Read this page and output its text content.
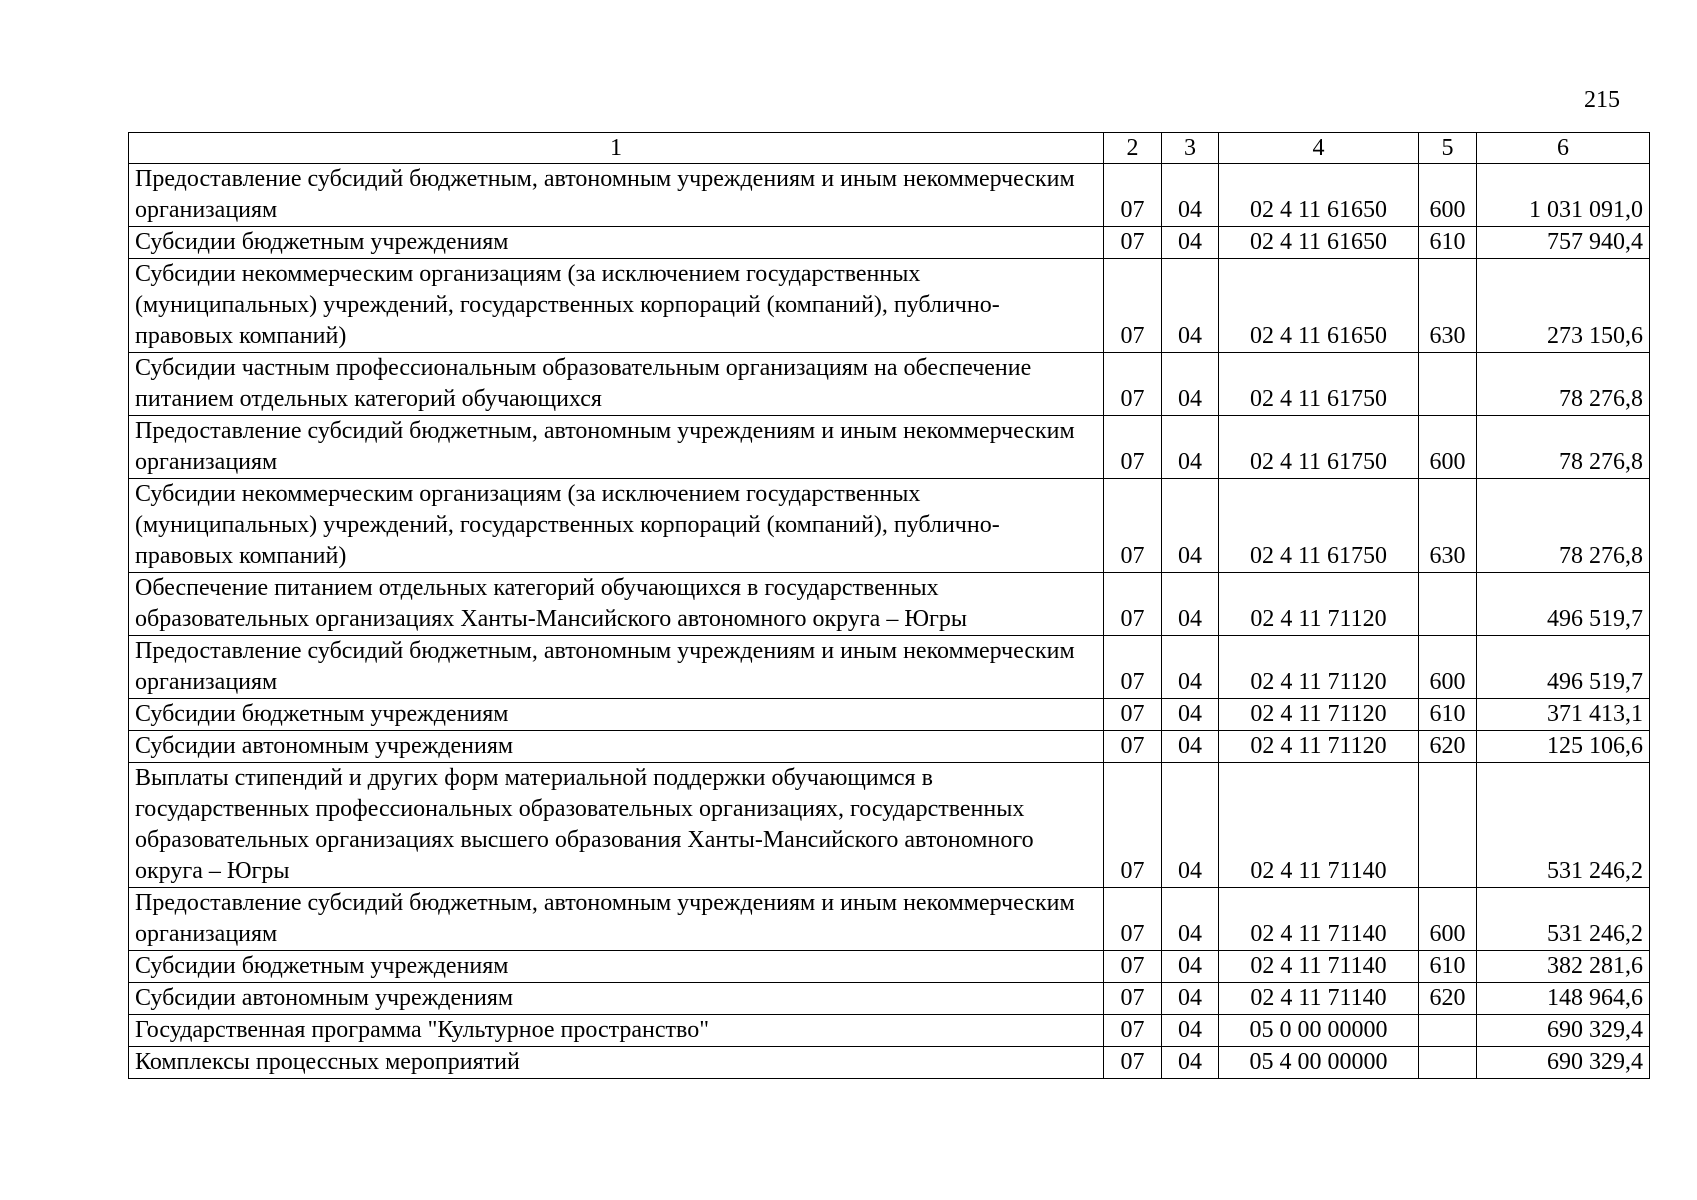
215
1	2	3	4	5	6
Предоставление субсидий бюджетным, автономным учреждениям и иным некоммерческим организациям	07	04	02 4 11 61650	600	1 031 091,0
Субсидии бюджетным учреждениям	07	04	02 4 11 61650	610	757 940,4
Субсидии некоммерческим организациям (за исключением государственных (муниципальных) учреждений, государственных корпораций (компаний), публично-правовых компаний)	07	04	02 4 11 61650	630	273 150,6
Субсидии частным профессиональным образовательным организациям на обеспечение питанием отдельных категорий обучающихся	07	04	02 4 11 61750		78 276,8
Предоставление субсидий бюджетным, автономным учреждениям и иным некоммерческим организациям	07	04	02 4 11 61750	600	78 276,8
Субсидии некоммерческим организациям (за исключением государственных (муниципальных) учреждений, государственных корпораций (компаний), публично-правовых компаний)	07	04	02 4 11 61750	630	78 276,8
Обеспечение питанием отдельных категорий обучающихся в государственных образовательных организациях Ханты-Мансийского автономного округа – Югры	07	04	02 4 11 71120		496 519,7
Предоставление субсидий бюджетным, автономным учреждениям и иным некоммерческим организациям	07	04	02 4 11 71120	600	496 519,7
Субсидии бюджетным учреждениям	07	04	02 4 11 71120	610	371 413,1
Субсидии автономным учреждениям	07	04	02 4 11 71120	620	125 106,6
Выплаты стипендий и других форм материальной поддержки обучающимся в государственных профессиональных образовательных организациях, государственных образовательных организациях высшего образования Ханты-Мансийского автономного округа – Югры	07	04	02 4 11 71140		531 246,2
Предоставление субсидий бюджетным, автономным учреждениям и иным некоммерческим организациям	07	04	02 4 11 71140	600	531 246,2
Субсидии бюджетным учреждениям	07	04	02 4 11 71140	610	382 281,6
Субсидии автономным учреждениям	07	04	02 4 11 71140	620	148 964,6
Государственная программа "Культурное пространство"	07	04	05 0 00 00000		690 329,4
Комплексы процессных мероприятий	07	04	05 4 00 00000		690 329,4
